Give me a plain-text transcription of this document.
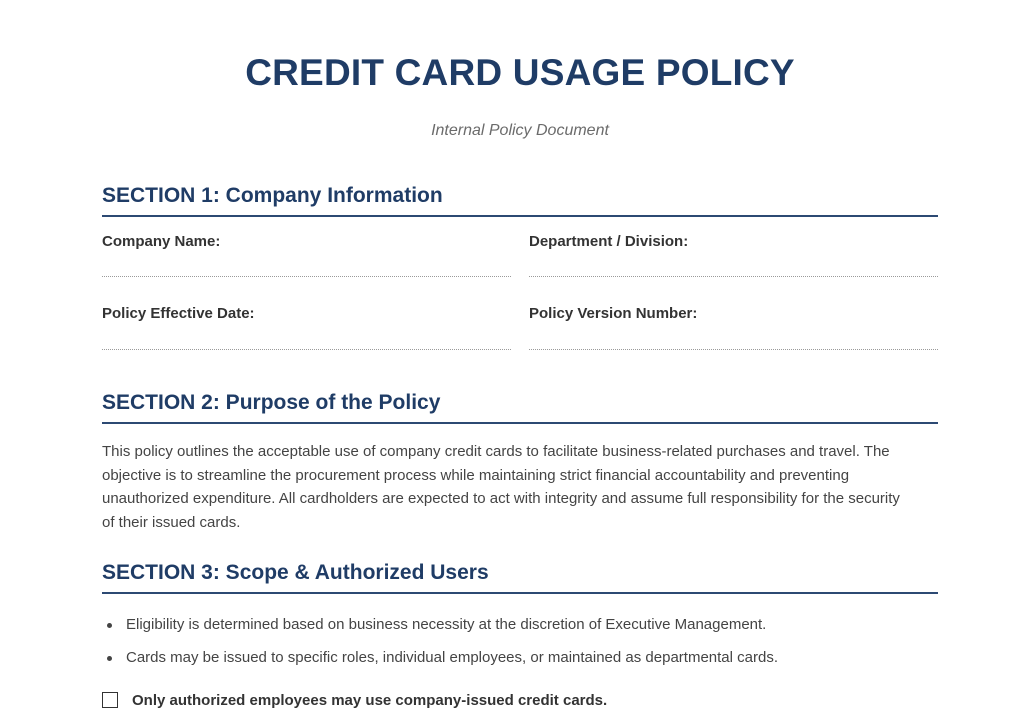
CREDIT CARD USAGE POLICY
Internal Policy Document
SECTION 1: Company Information
Company Name:	Department / Division:
Policy Effective Date:	Policy Version Number:
SECTION 2: Purpose of the Policy
This policy outlines the acceptable use of company credit cards to facilitate business-related purchases and travel. The
objective is to streamline the procurement process while maintaining strict financial accountability and preventing
unauthorized expenditure. All cardholders are expected to act with integrity and assume full responsibility for the security
of their issued cards.
SECTION 3: Scope & Authorized Users
Eligibility is determined based on business necessity at the discretion of Executive Management.
Cards may be issued to specific roles, individual employees, or maintained as departmental cards.
Only authorized employees may use company-issued credit cards.
